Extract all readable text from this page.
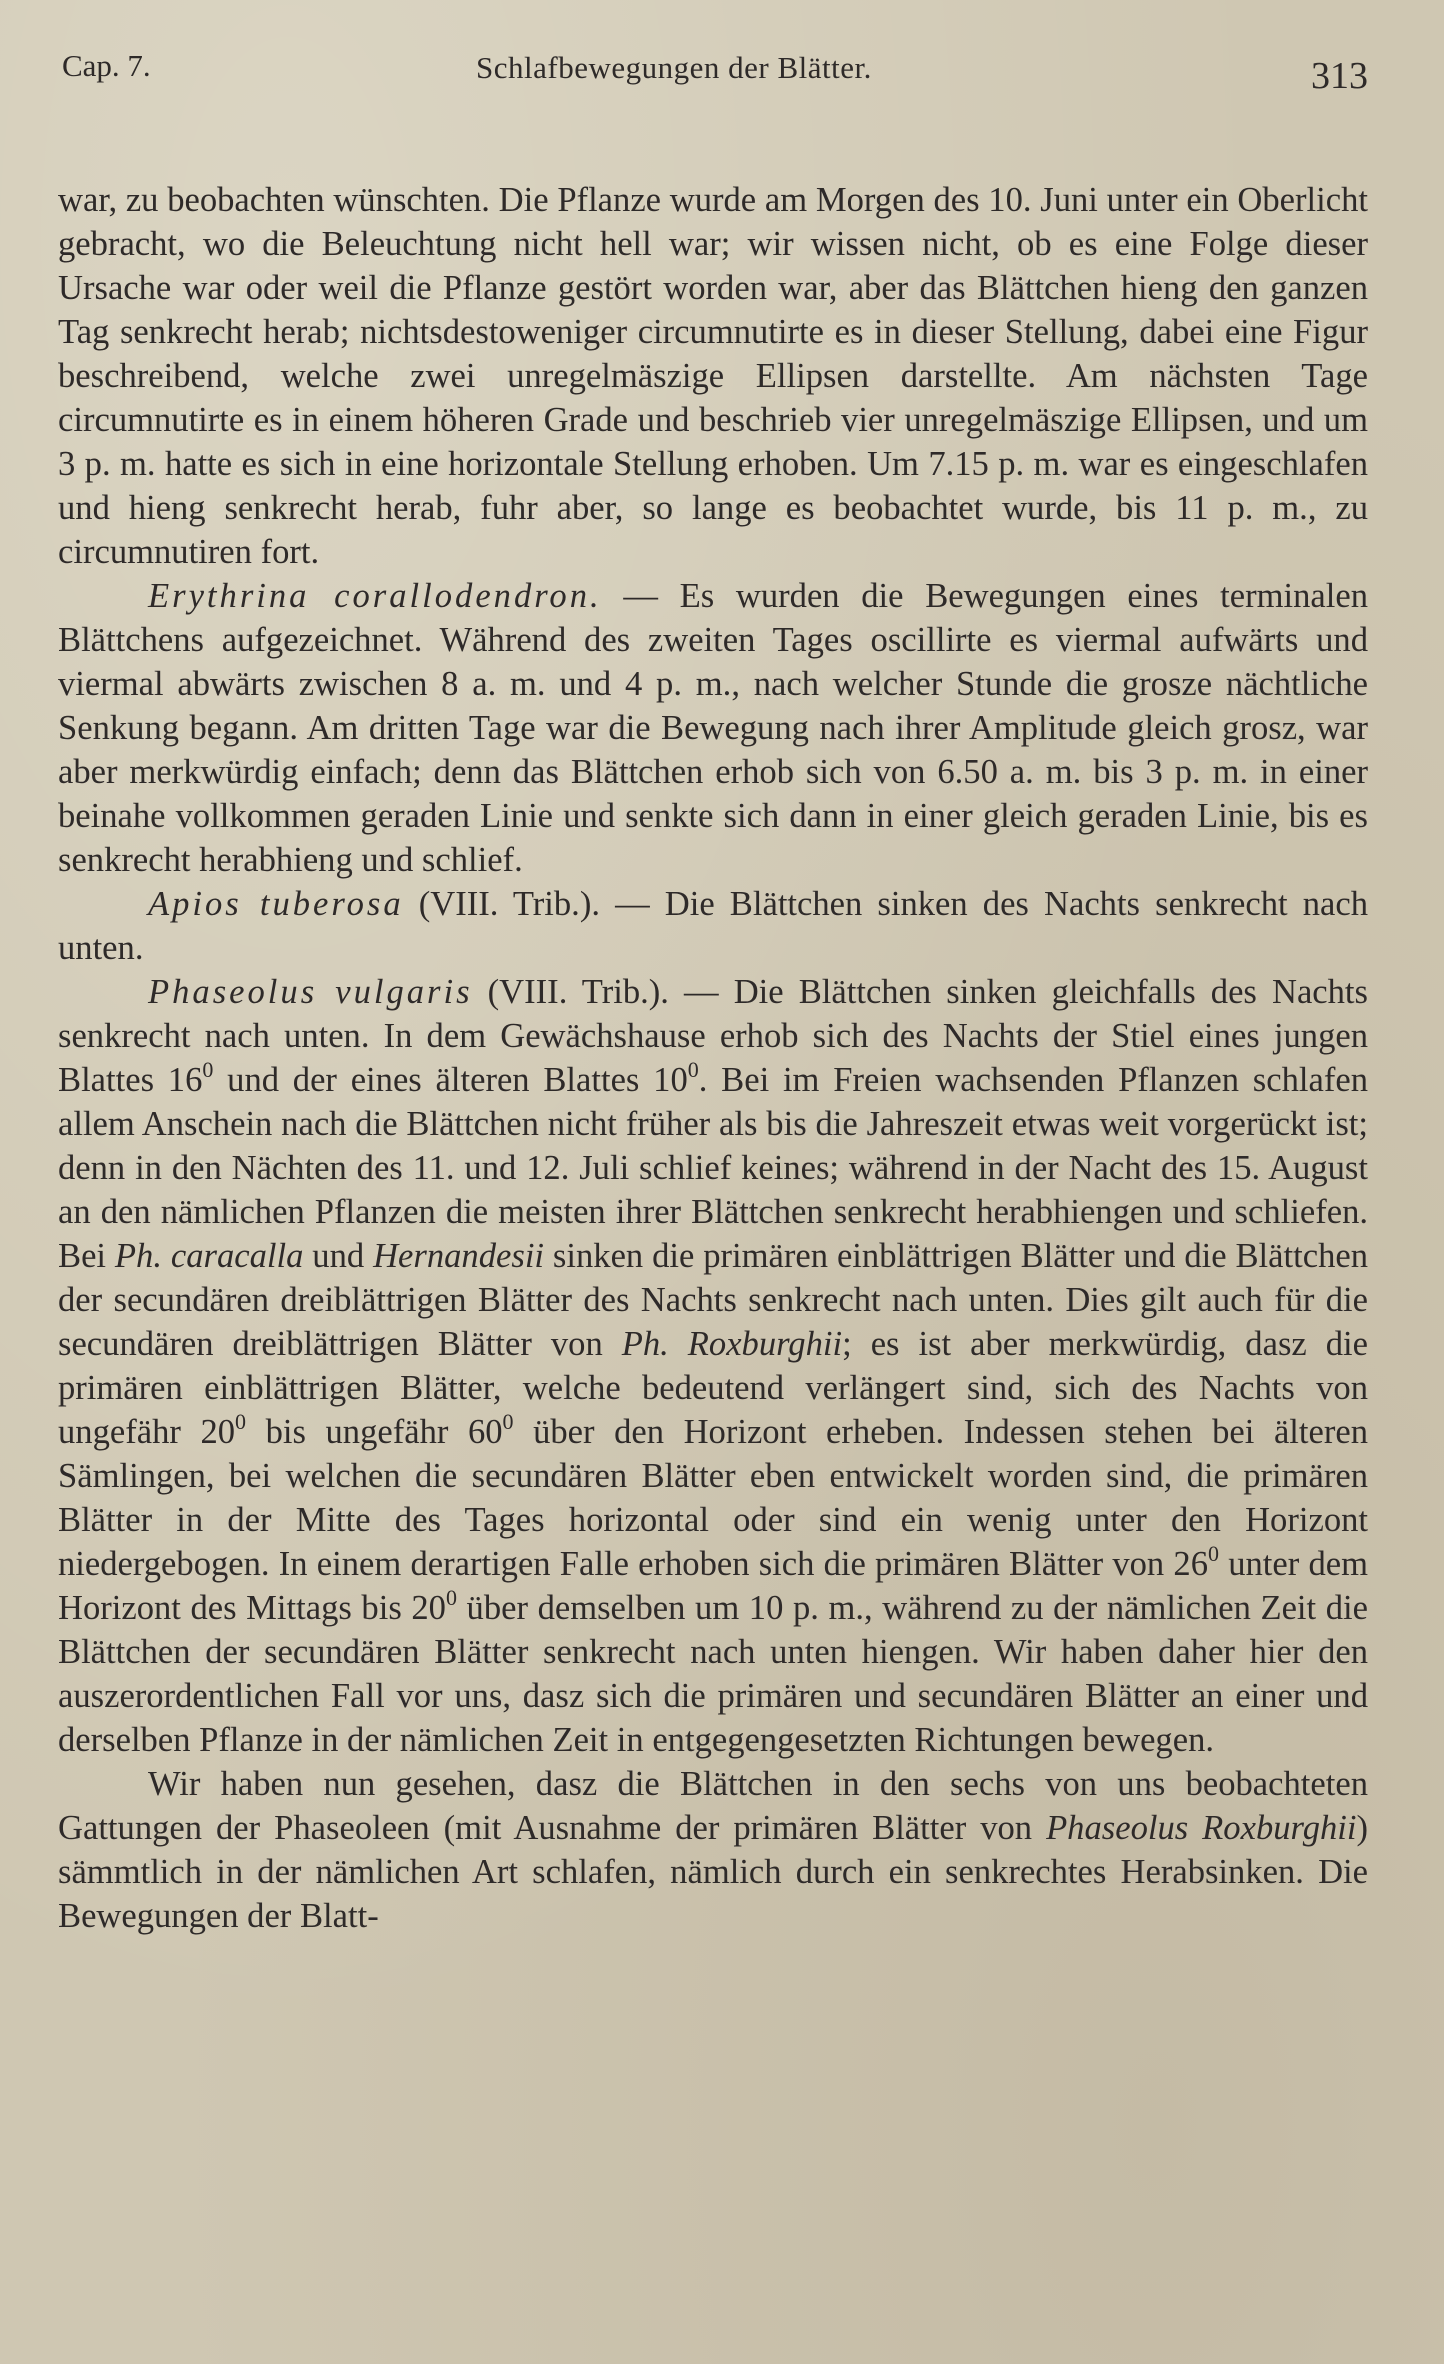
Cap. 7.	Schlafbewegungen der Blätter.	313

war, zu beobachten wünschten. Die Pflanze wurde am Morgen des 10. Juni unter ein Oberlicht gebracht, wo die Beleuchtung nicht hell war; wir wissen nicht, ob es eine Folge dieser Ursache war oder weil die Pflanze gestört worden war, aber das Blättchen hieng den ganzen Tag senkrecht herab; nichtsdestoweniger circumnutirte es in dieser Stellung, dabei eine Figur beschreibend, welche zwei unregelmäszige Ellipsen darstellte. Am nächsten Tage circumnutirte es in einem höheren Grade und beschrieb vier unregelmäszige Ellipsen, und um 3 p. m. hatte es sich in eine horizontale Stellung erhoben. Um 7.15 p. m. war es eingeschlafen und hieng senkrecht herab, fuhr aber, so lange es beobachtet wurde, bis 11 p. m., zu circumnutiren fort.

Erythrina corallodendron. — Es wurden die Bewegungen eines terminalen Blättchens aufgezeichnet. Während des zweiten Tages oscillirte es viermal aufwärts und viermal abwärts zwischen 8 a. m. und 4 p. m., nach welcher Stunde die grosze nächtliche Senkung begann. Am dritten Tage war die Bewegung nach ihrer Amplitude gleich grosz, war aber merkwürdig einfach; denn das Blättchen erhob sich von 6.50 a. m. bis 3 p. m. in einer beinahe vollkommen geraden Linie und senkte sich dann in einer gleich geraden Linie, bis es senkrecht herabhieng und schlief.

Apios tuberosa (VIII. Trib.). — Die Blättchen sinken des Nachts senkrecht nach unten.

Phaseolus vulgaris (VIII. Trib.). — Die Blättchen sinken gleichfalls des Nachts senkrecht nach unten. In dem Gewächshause erhob sich des Nachts der Stiel eines jungen Blattes $16^0$ und der eines älteren Blattes $10^0$. Bei im Freien wachsenden Pflanzen schlafen allem Anschein nach die Blättchen nicht früher als bis die Jahreszeit etwas weit vorgerückt ist; denn in den Nächten des 11. und 12. Juli schlief keines; während in der Nacht des 15. August an den nämlichen Pflanzen die meisten ihrer Blättchen senkrecht herabhiengen und schliefen. Bei Ph. caracalla und Hernandesii sinken die primären einblättrigen Blätter und die Blättchen der secundären dreiblättrigen Blätter des Nachts senkrecht nach unten. Dies gilt auch für die secundären dreiblättrigen Blätter von Ph. Roxburghii; es ist aber merkwürdig, dasz die primären einblättrigen Blätter, welche bedeutend verlängert sind, sich des Nachts von ungefähr $20^0$ bis ungefähr $60^0$ über den Horizont erheben. Indessen stehen bei älteren Sämlingen, bei welchen die secundären Blätter eben entwickelt worden sind, die primären Blätter in der Mitte des Tages horizontal oder sind ein wenig unter den Horizont niedergebogen. In einem derartigen Falle erhoben sich die primären Blätter von $26^0$ unter dem Horizont des Mittags bis $20^0$ über demselben um 10 p. m., während zu der nämlichen Zeit die Blättchen der secundären Blätter senkrecht nach unten hiengen. Wir haben daher hier den auszerordentlichen Fall vor uns, dasz sich die primären und secundären Blätter an einer und derselben Pflanze in der nämlichen Zeit in entgegengesetzten Richtungen bewegen.

Wir haben nun gesehen, dasz die Blättchen in den sechs von uns beobachteten Gattungen der Phaseoleen (mit Ausnahme der primären Blätter von Phaseolus Roxburghii) sämmtlich in der nämlichen Art schlafen, nämlich durch ein senkrechtes Herabsinken. Die Bewegungen der Blatt-
